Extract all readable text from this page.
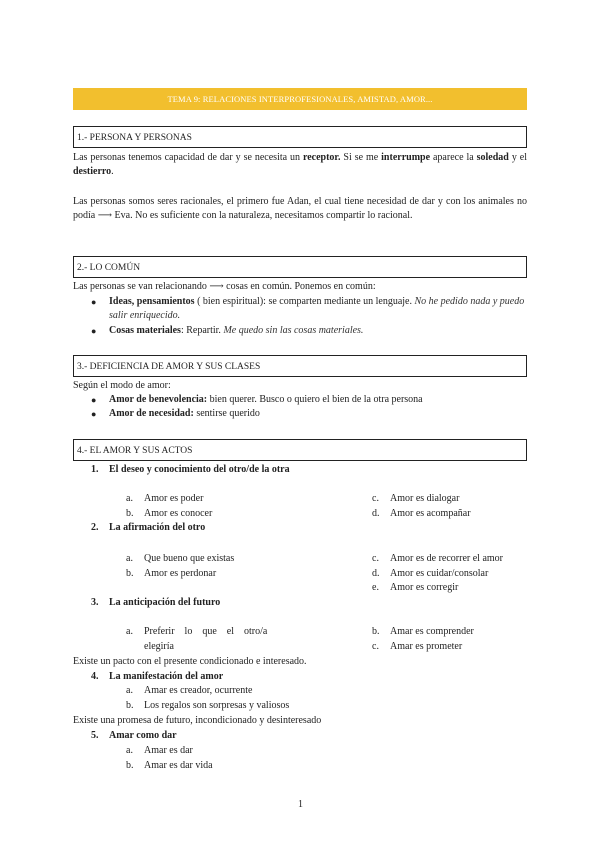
TEMA 9: RELACIONES INTERPROFESIONALES, AMISTAD, AMOR...
1.- PERSONA Y PERSONAS
Las personas tenemos capacidad de dar y se necesita un receptor. Si se me interrumpe aparece la soledad y el destierro.
Las personas somos seres racionales, el primero fue Adan, el cual tiene necesidad de dar y con los animales no podía ⟶ Eva. No es suficiente con la naturaleza, necesitamos compartir lo racional.
2.- LO COMÚN
Las personas se van relacionando ⟶ cosas en común. Ponemos en común:
● Ideas, pensamientos ( bien espiritual): se comparten mediante un lenguaje. No he pedido nada y puedo salir enriquecido.
● Cosas materiales: Repartir. Me quedo sin las cosas materiales.
3.- DEFICIENCIA DE AMOR Y SUS CLASES
Según el modo de amor:
● Amor de benevolencia: bien querer. Busco o quiero el bien de la otra persona
● Amor de necesidad: sentirse querido
4.- EL AMOR Y SUS ACTOS
1. El deseo y conocimiento del otro/de la otra
a. Amor es poder
b. Amor es conocer
c. Amor es dialogar
d. Amor es acompañar
2. La afirmación del otro
a. Que bueno que existas
b. Amor es perdonar
c. Amor es de recorrer el amor
d. Amor es cuidar/consolar
e. Amor es corregir
3. La anticipación del futuro
a. Preferir    lo    que    el    otro/a
elegiría
b. Amar es comprender
c. Amar es prometer
Existe un pacto con el presente condicionado e interesado.
4. La manifestación del amor
a. Amar es creador, ocurrente
b. Los regalos son sorpresas y valiosos
Existe una promesa de futuro, incondicionado y desinteresado
5. Amar como dar
a. Amar es dar
b. Amar es dar vida
1
